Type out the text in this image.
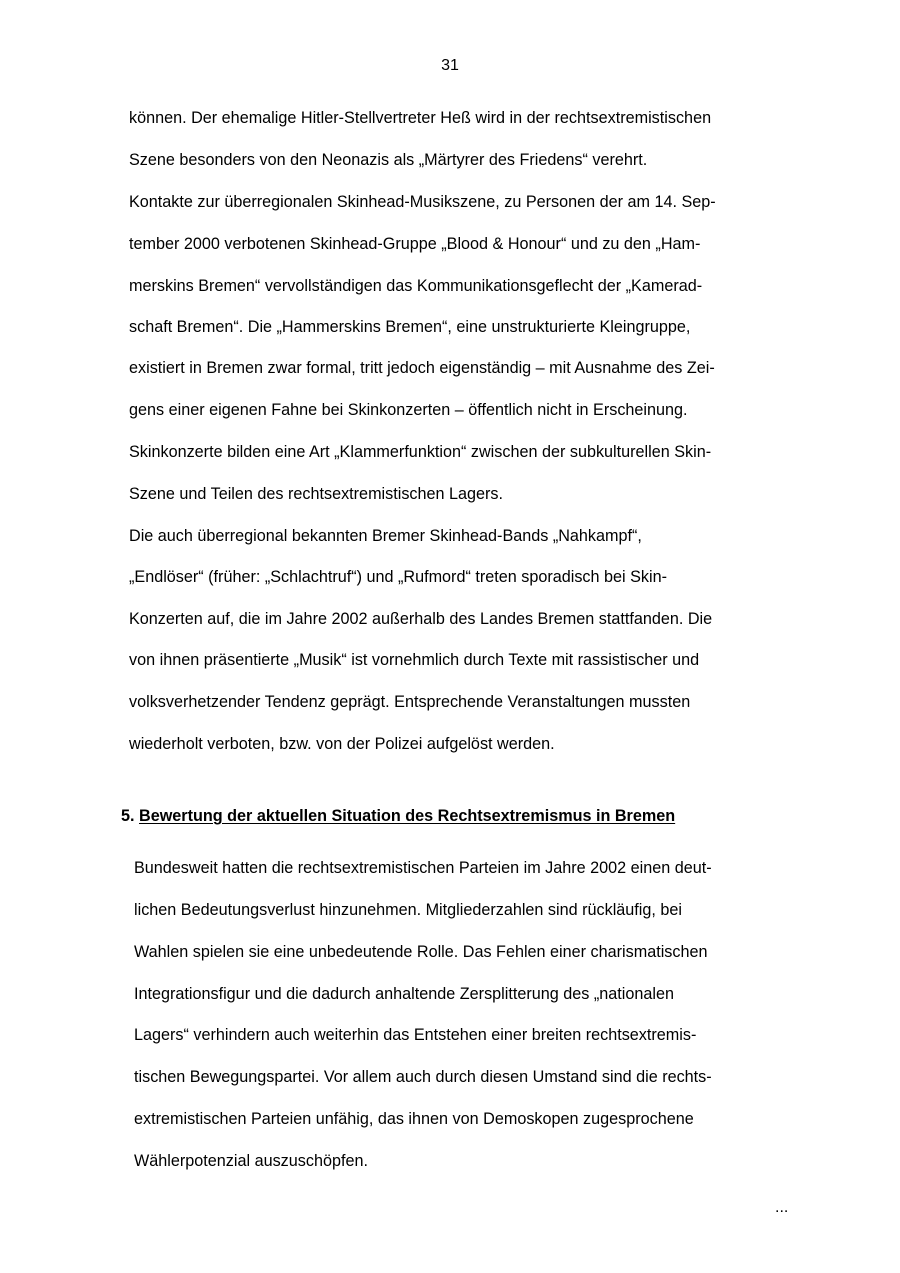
31
können. Der ehemalige Hitler-Stellvertreter Heß wird in der rechtsextremistischen
Szene besonders von den Neonazis als „Märtyrer des Friedens“ verehrt.
Kontakte zur überregionalen Skinhead-Musikszene, zu Personen der am 14. Sep-
tember 2000 verbotenen Skinhead-Gruppe „Blood & Honour“ und zu den „Ham-
merskins Bremen“ vervollständigen das Kommunikationsgeflecht der „Kamerad-
schaft Bremen“. Die „Hammerskins Bremen“, eine unstrukturierte Kleingruppe,
existiert in Bremen zwar formal, tritt jedoch eigenständig – mit Ausnahme des Zei-
gens einer eigenen Fahne bei Skinkonzerten – öffentlich nicht in Erscheinung.
Skinkonzerte bilden eine Art „Klammerfunktion“ zwischen der subkulturellen Skin-
Szene und Teilen des rechtsextremistischen Lagers.
Die auch überregional bekannten Bremer Skinhead-Bands „Nahkampf“,
„Endlöser“ (früher: „Schlachtruf“) und „Rufmord“ treten sporadisch bei Skin-
Konzerten auf, die im Jahre 2002 außerhalb des Landes Bremen stattfanden. Die
von ihnen präsentierte „Musik“ ist vornehmlich durch Texte mit rassistischer und
volksverhetzender Tendenz geprägt. Entsprechende Veranstaltungen mussten
wiederholt verboten, bzw. von der Polizei aufgelöst werden.
5. Bewertung der aktuellen Situation des Rechtsextremismus in Bremen
Bundesweit hatten die rechtsextremistischen Parteien im Jahre 2002 einen deut-
lichen Bedeutungsverlust hinzunehmen. Mitgliederzahlen sind rückläufig, bei
Wahlen spielen sie eine unbedeutende Rolle. Das Fehlen einer charismatischen
Integrationsfigur und die dadurch anhaltende Zersplitterung des „nationalen
Lagers“ verhindern auch weiterhin das Entstehen einer breiten rechtsextremis-
tischen Bewegungspartei. Vor allem auch durch diesen Umstand sind die rechts-
extremistischen Parteien unfähig, das ihnen von Demoskopen zugesprochene
Wählerpotenzial auszuschöpfen.
...
